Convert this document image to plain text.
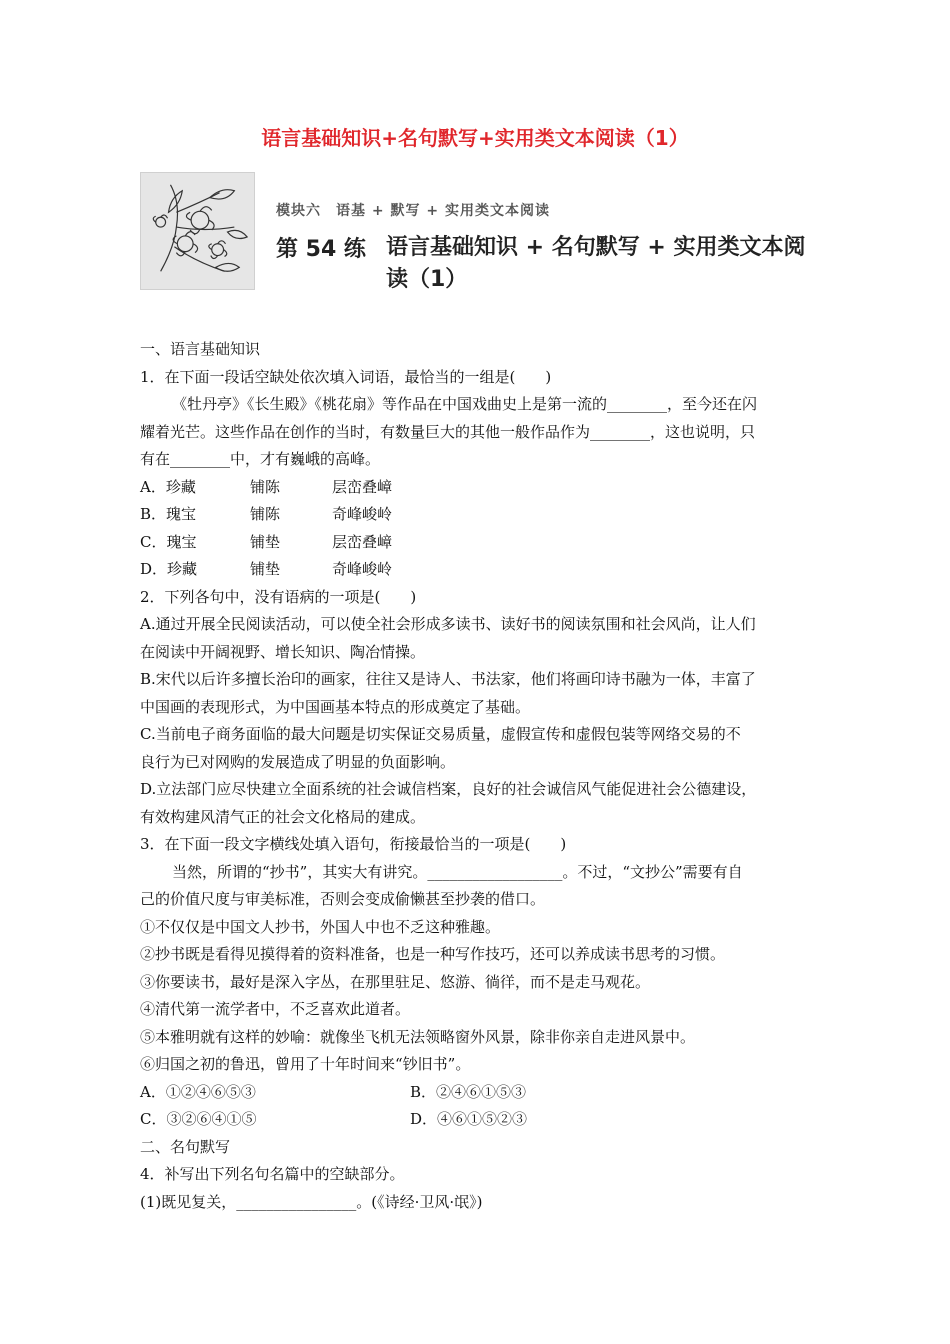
语言基础知识+名句默写+实用类文本阅读（1）
模块六　语基 + 默写 + 实用类文本阅读
第 54 练 语言基础知识 + 名句默写 + 实用类文本阅读（1）
一、语言基础知识
1．在下面一段话空缺处依次填入词语，最恰当的一组是(　　)
《牡丹亭》《长生殿》《桃花扇》等作品在中国戏曲史上是第一流的________，至今还在闪
耀着光芒。这些作品在创作的当时，有数量巨大的其他一般作品作为________，这也说明，只
有在________中，才有巍峨的高峰。
A．珍藏	铺陈	层峦叠嶂
B．瑰宝	铺陈	奇峰峻岭
C．瑰宝	铺垫	层峦叠嶂
D．珍藏	铺垫	奇峰峻岭
2．下列各句中，没有语病的一项是(　　)
A.通过开展全民阅读活动，可以使全社会形成多读书、读好书的阅读氛围和社会风尚，让人们
在阅读中开阔视野、增长知识、陶冶情操。
B.宋代以后许多擅长治印的画家，往往又是诗人、书法家，他们将画印诗书融为一体，丰富了
中国画的表现形式，为中国画基本特点的形成奠定了基础。
C.当前电子商务面临的最大问题是切实保证交易质量，虚假宣传和虚假包装等网络交易的不
良行为已对网购的发展造成了明显的负面影响。
D.立法部门应尽快建立全面系统的社会诚信档案，良好的社会诚信风气能促进社会公德建设，
有效构建风清气正的社会文化格局的建成。
3．在下面一段文字横线处填入语句，衔接最恰当的一项是(　　)
当然，所谓的“抄书”，其实大有讲究。__________________。不过，“文抄公”需要有自
己的价值尺度与审美标准，否则会变成偷懒甚至抄袭的借口。
①不仅仅是中国文人抄书，外国人中也不乏这种雅趣。
②抄书既是看得见摸得着的资料准备，也是一种写作技巧，还可以养成读书思考的习惯。
③你要读书，最好是深入字丛，在那里驻足、悠游、徜徉，而不是走马观花。
④清代第一流学者中，不乏喜欢此道者。
⑤本雅明就有这样的妙喻：就像坐飞机无法领略窗外风景，除非你亲自走进风景中。
⑥归国之初的鲁迅，曾用了十年时间来“钞旧书”。
A．①②④⑥⑤③	B．②④⑥①⑤③
C．③②⑥④①⑤	D．④⑥①⑤②③
二、名句默写
4．补写出下列名句名篇中的空缺部分。
(1)既见复关，________________。(《诗经·卫风·氓》)
